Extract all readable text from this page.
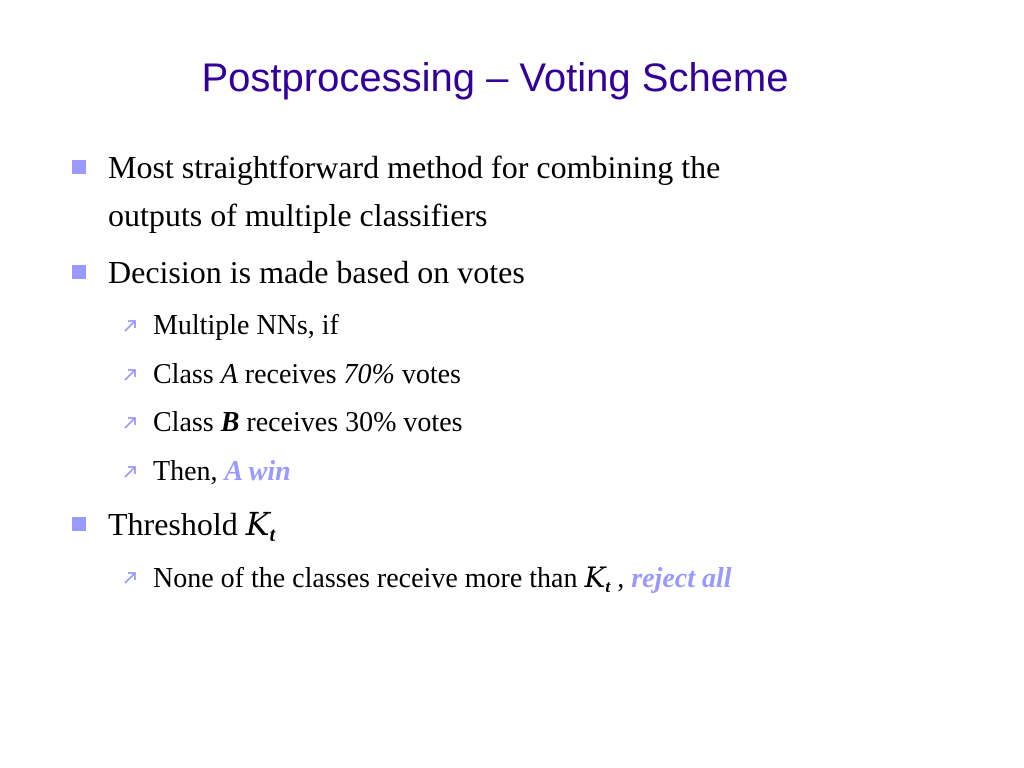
Postprocessing – Voting Scheme
Most straightforward method for combining the
outputs of multiple classifiers
Decision is made based on votes
Multiple NNs, if
Class A receives 70% votes
Class B receives 30% votes
Then, A win
Threshold Kt
None of the classes receive more than Kt , reject all
